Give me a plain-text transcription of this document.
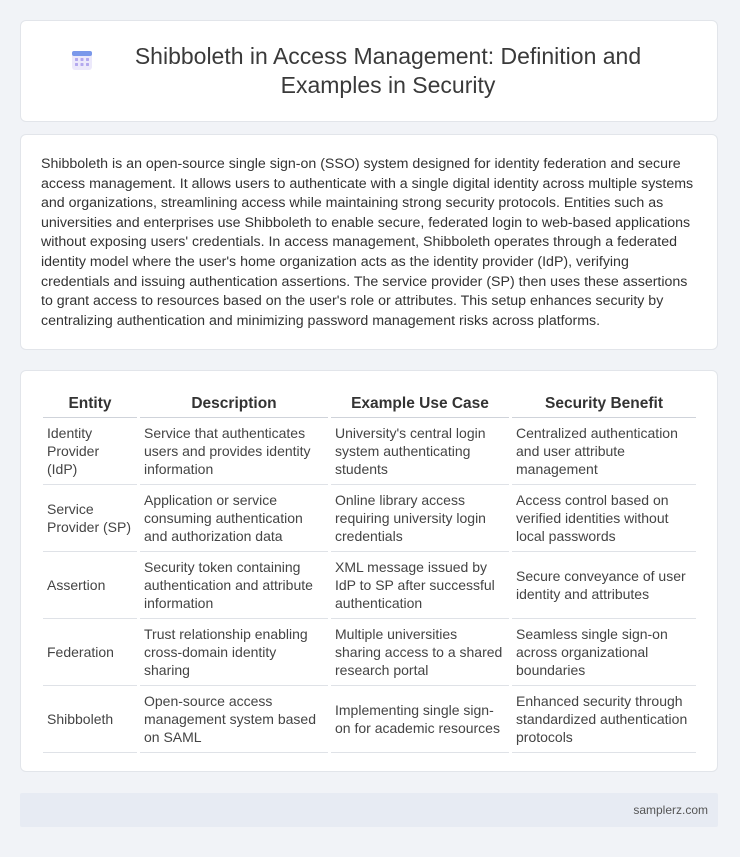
Shibboleth in Access Management: Definition and Examples in Security

Shibboleth is an open-source single sign-on (SSO) system designed for identity federation and secure access management. It allows users to authenticate with a single digital identity across multiple systems and organizations, streamlining access while maintaining strong security protocols. Entities such as universities and enterprises use Shibboleth to enable secure, federated login to web-based applications without exposing users' credentials. In access management, Shibboleth operates through a federated identity model where the user's home organization acts as the identity provider (IdP), verifying credentials and issuing authentication assertions. The service provider (SP) then uses these assertions to grant access to resources based on the user's role or attributes. This setup enhances security by centralizing authentication and minimizing password management risks across platforms.

Entity	Description	Example Use Case	Security Benefit
Identity Provider (IdP)	Service that authenticates users and provides identity information	University's central login system authenticating students	Centralized authentication and user attribute management
Service Provider (SP)	Application or service consuming authentication and authorization data	Online library access requiring university login credentials	Access control based on verified identities without local passwords
Assertion	Security token containing authentication and attribute information	XML message issued by IdP to SP after successful authentication	Secure conveyance of user identity and attributes
Federation	Trust relationship enabling cross-domain identity sharing	Multiple universities sharing access to a shared research portal	Seamless single sign-on across organizational boundaries
Shibboleth	Open-source access management system based on SAML	Implementing single sign-on for academic resources	Enhanced security through standardized authentication protocols
samplerz.com
